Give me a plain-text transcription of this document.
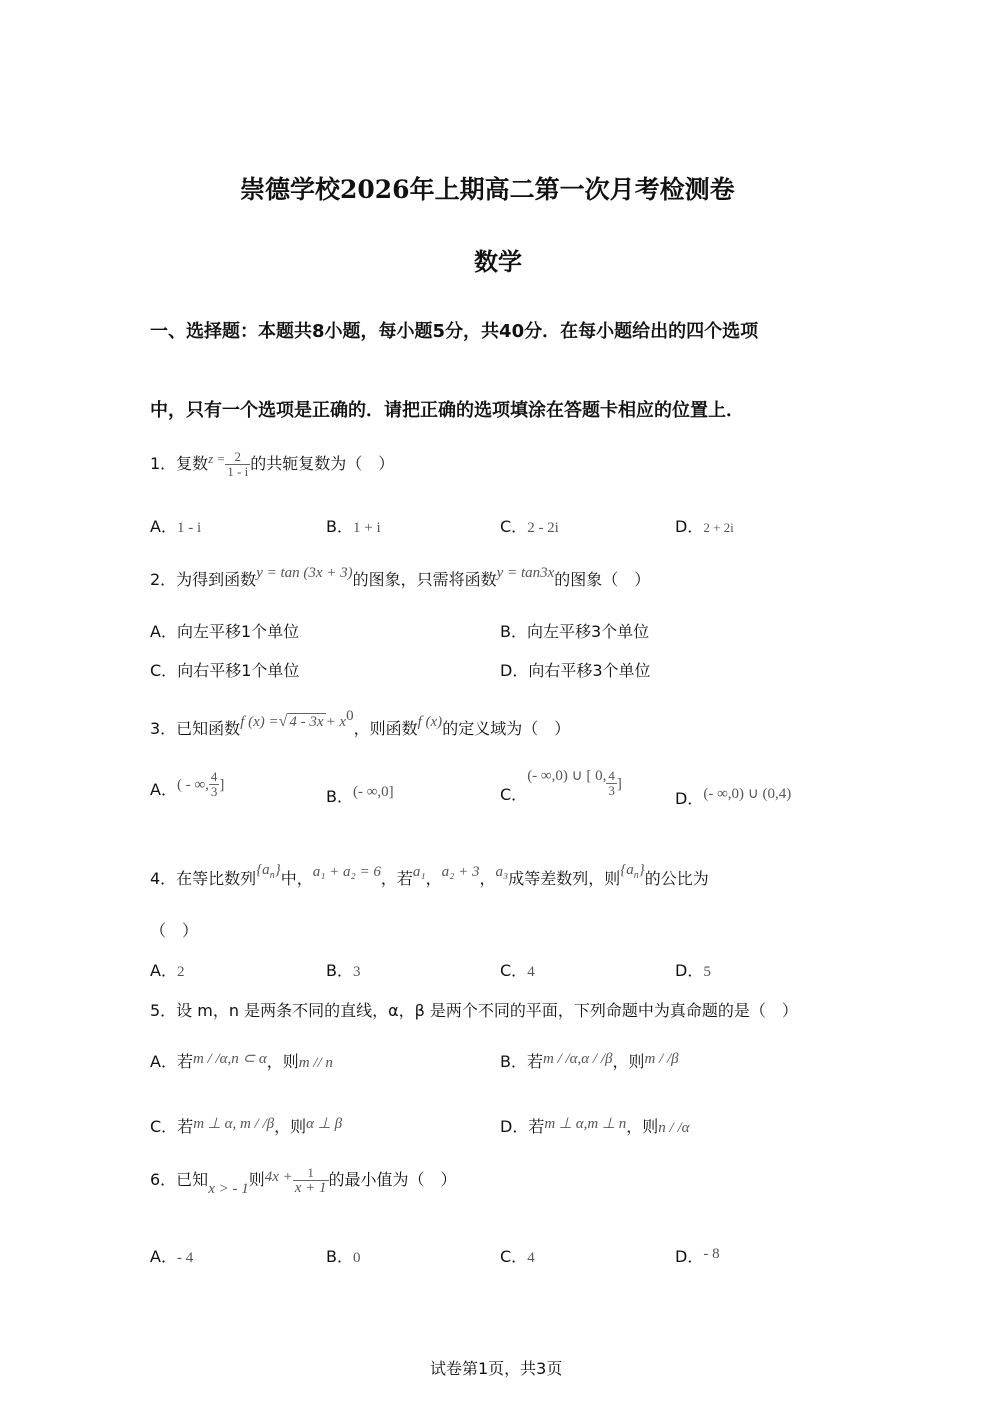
崇德学校2026年上期高二第一次月考检测卷
数学
一、选择题：本题共8小题，每小题5分，共40分．在每小题给出的四个选项
中，只有一个选项是正确的．请把正确的选项填涂在答题卡相应的位置上．
1．复数$^{z =} \frac{2}{1 - i}$ 的共轭复数为（　）
A．1 - i	B．1 + i	C．2 - 2i	D．2 + 2i
2．为得到函数y = tan (3x + 3)的图象，只需将函数y = tan3x的图象（　）
A．向左平移1个单位	B．向左平移3个单位
C．向右平移1个单位	D．向右平移3个单位
3．已知函数f (x) =√ $4 - 3x + x^0$，则函数f (x)的定义域为（　）
A．( - ∞, $\frac{4}{3}$ ]
B．(- ∞,0]	C．(- ∞,0) ∪ [ 0, $\frac{4}{3}$ ]
D．(- ∞,0) ∪ (0,4)
4．在等比数列$\{a_n\}$中，a₁ + a₂ = 6，若a₁，a₂ + 3，a₃成等差数列，则$\{a_n\}$的公比为
（　）
A．2	B．3	C．4	D．5
5．设 m，n 是两条不同的直线，α，β 是两个不同的平面，下列命题中为真命题的是（　）
A．若m / /α,n ⊂ α，则m // n	B．若m / /α,α / /β，则m / /β
C．若m ⊥ α, m / /β，则α ⊥ β	D．若m ⊥ α,m ⊥ n，则n / /α
6．已知x > - 1则$4x + \frac{1}{x + 1}$ 的最小值为（　）
A．- 4	B．0	C．4	D．- 8
试卷第1页，共3页
